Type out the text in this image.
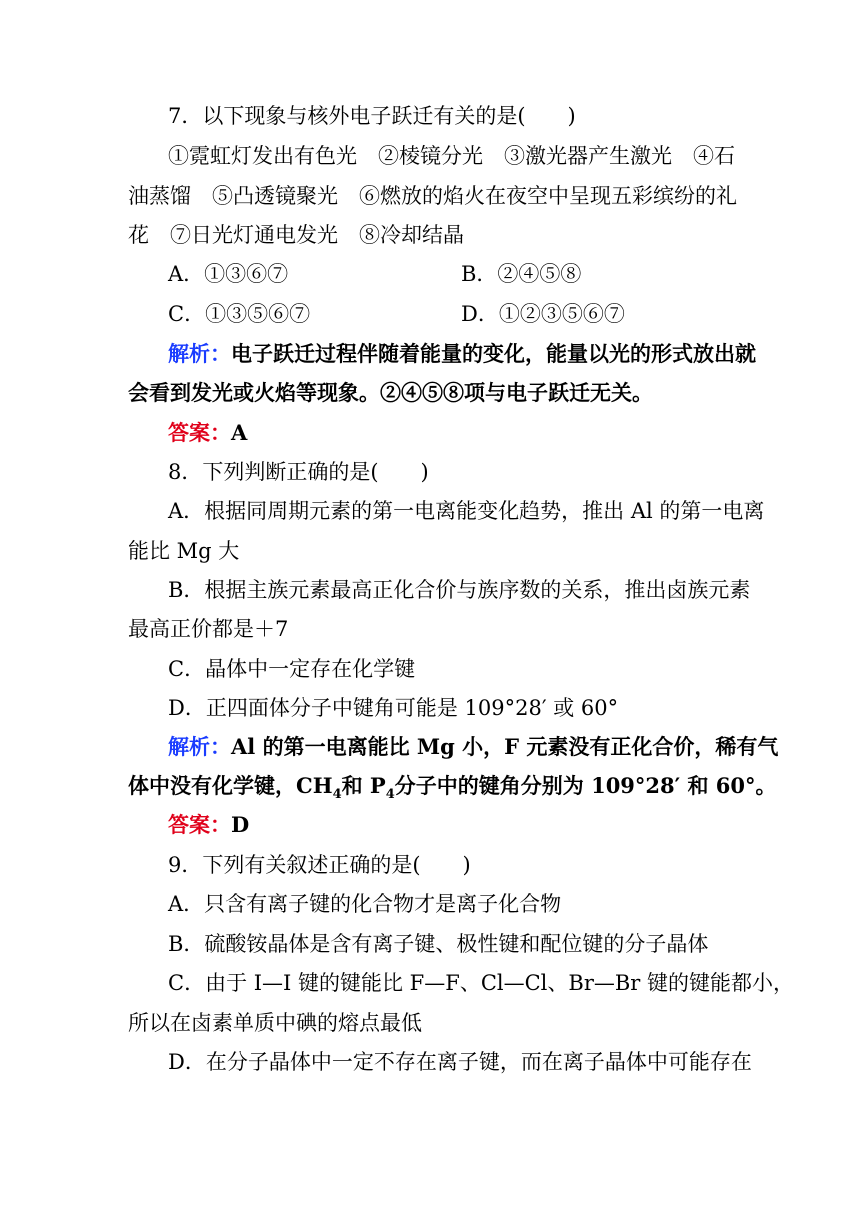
7．以下现象与核外电子跃迁有关的是(　　)
①霓虹灯发出有色光　②棱镜分光　③激光器产生激光　④石
油蒸馏　⑤凸透镜聚光　⑥燃放的焰火在夜空中呈现五彩缤纷的礼
花　⑦日光灯通电发光　⑧冷却结晶
A．①③⑥⑦	B．②④⑤⑧
C．①③⑤⑥⑦	D．①②③⑤⑥⑦
解析：电子跃迁过程伴随着能量的变化，能量以光的形式放出就
会看到发光或火焰等现象。②④⑤⑧项与电子跃迁无关。
答案：A
8．下列判断正确的是(　　)
A．根据同周期元素的第一电离能变化趋势，推出 Al 的第一电离
能比 Mg 大
B．根据主族元素最高正化合价与族序数的关系，推出卤族元素
最高正价都是＋7
C．晶体中一定存在化学键
D．正四面体分子中键角可能是 109°28′ 或 60°
解析：Al 的第一电离能比 Mg 小，F 元素没有正化合价，稀有气
体中没有化学键，$CH_4$和 $P_4$分子中的键角分别为 109°28′ 和 60°。
答案：D
9．下列有关叙述正确的是(　　)
A．只含有离子键的化合物才是离子化合物
B．硫酸铵晶体是含有离子键、极性键和配位键的分子晶体
C．由于 I—I 键的键能比 F—F、Cl—Cl、Br—Br 键的键能都小，
所以在卤素单质中碘的熔点最低
D．在分子晶体中一定不存在离子键，而在离子晶体中可能存在
